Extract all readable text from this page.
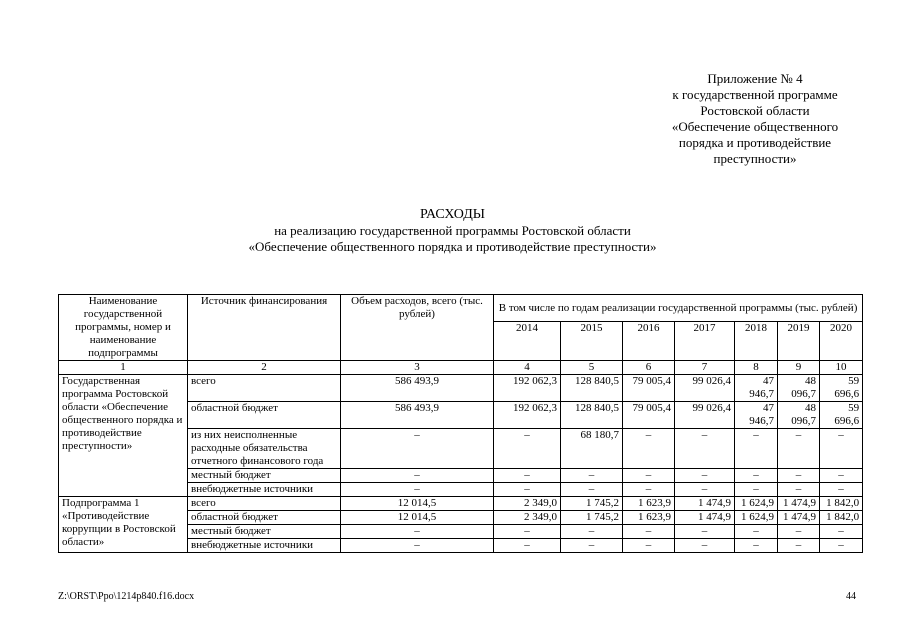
Приложение № 4
к государственной программе
Ростовской области
«Обеспечение общественного
порядка и противодействие
преступности»
РАСХОДЫ
на реализацию государственной программы Ростовской области
«Обеспечение общественного порядка и противодействие преступности»
Наименование государственной программы, номер и наименование подпрограммы	Источник финансирования	Объем расходов, всего (тыс. рублей)	В том числе по годам реализации государственной программы (тыс. рублей)						
			2014	2015	2016	2017	2018	2019	2020
1	2	3	4	5	6	7	8	9	10
Государственная программа Ростовской области «Обеспечение общественного порядка и противодействие преступности»	всего	586 493,9	192 062,3	128 840,5	79 005,4	99 026,4	47 946,7	48 096,7	59 696,6
	областной бюджет	586 493,9	192 062,3	128 840,5	79 005,4	99 026,4	47 946,7	48 096,7	59 696,6
	из них неисполненные расходные обязательства отчетного финансового года	–	–	68 180,7	–	–	–	–	–
	местный бюджет	–	–	–	–	–	–	–	–
	внебюджетные источники	–	–	–	–	–	–	–	–
Подпрограмма 1 «Противодействие коррупции в Ростовской области»	всего	12 014,5	2 349,0	1 745,2	1 623,9	1 474,9	1 624,9	1 474,9	1 842,0
	областной бюджет	12 014,5	2 349,0	1 745,2	1 623,9	1 474,9	1 624,9	1 474,9	1 842,0
	местный бюджет	–	–	–	–	–	–	–	–
	внебюджетные источники	–	–	–	–	–	–	–	–
Z:\ORST\Ppo\1214p840.f16.docx	44
